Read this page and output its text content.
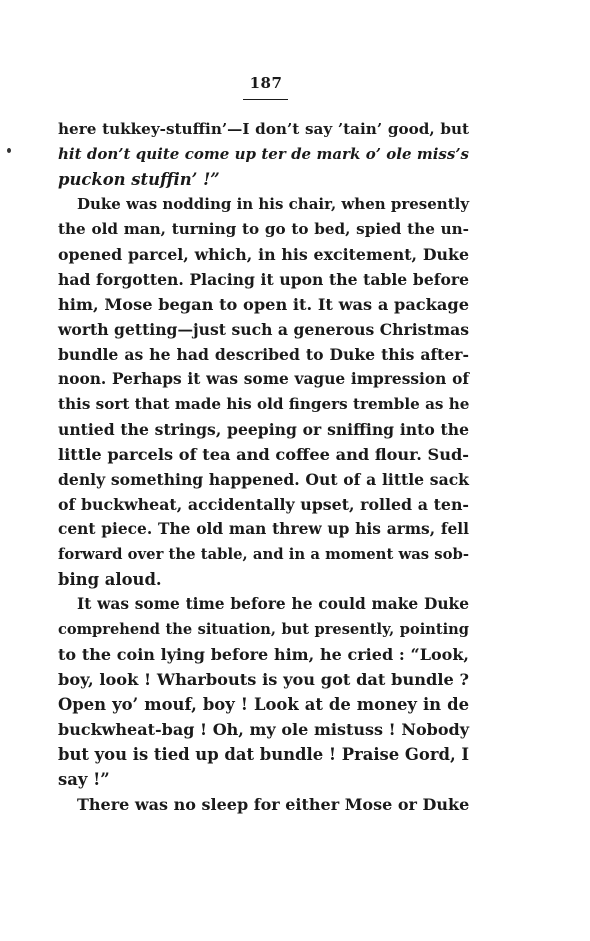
187
here tukkey-stuffin’—I don’t say ’tain’ good, but
hit don’t quite come up ter de mark o’ ole miss’s
puckon stuffin’ !”
Duke was nodding in his chair, when presently
the old man, turning to go to bed, spied the un-
opened parcel, which, in his excitement, Duke
had forgotten. Placing it upon the table before
him, Mose began to open it. It was a package
worth getting—just such a generous Christmas
bundle as he had described to Duke this after-
noon. Perhaps it was some vague impression of
this sort that made his old fingers tremble as he
untied the strings, peeping or sniffing into the
little parcels of tea and coffee and flour. Sud-
denly something happened. Out of a little sack
of buckwheat, accidentally upset, rolled a ten-
cent piece. The old man threw up his arms, fell
forward over the table, and in a moment was sob-
bing aloud.
It was some time before he could make Duke
comprehend the situation, but presently, pointing
to the coin lying before him, he cried : “Look,
boy, look ! Wharbouts is you got dat bundle ?
Open yo’ mouf, boy ! Look at de money in de
buckwheat-bag ! Oh, my ole mistuss ! Nobody
but you is tied up dat bundle ! Praise Gord, I
say !”
There was no sleep for either Mose or Duke
